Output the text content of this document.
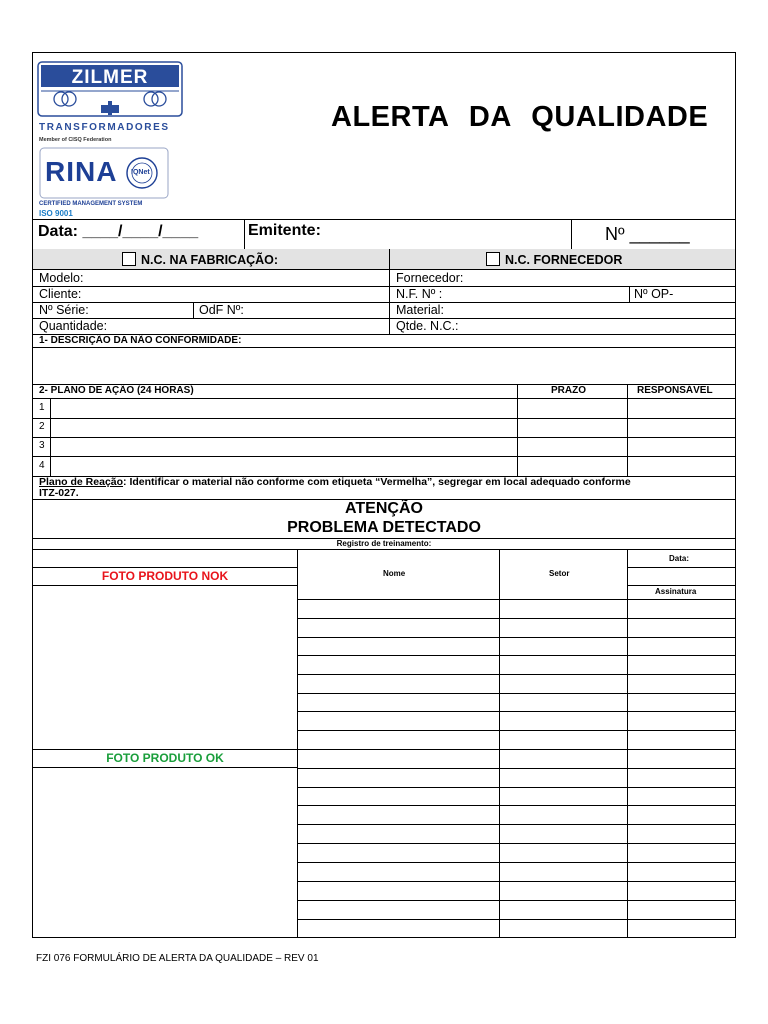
ZILMER
TRANSFORMADORES
Member of CISQ Federation
RINA IQNet
CERTIFIED MANAGEMENT SYSTEM
ISO 9001
ALERTA DA QUALIDADE
Data: ____/____/____	Emitente:	Nº ______
N.C. NA FABRICAÇÃO:	N.C. FORNECEDOR
Modelo:	Fornecedor:
Cliente:	N.F. Nº :	Nº OP-
Nº Série:	OdF Nº:	Material:
Quantidade:	Qtde. N.C.:
1- DESCRIÇÃO DA NÃO CONFORMIDADE:
2- PLANO DE AÇÃO (24 HORAS)	PRAZO	RESPONSÁVEL
1
2
3
4
Plano de Reação: Identificar o material não conforme com etiqueta “Vermelha”, segregar em local adequado conforme
ITZ-027.
ATENÇÃO
PROBLEMA DETECTADO
Registro de treinamento:
Nome	Setor
Data:
Assinatura
FOTO PRODUTO NOK
FOTO PRODUTO OK
FZI 076 FORMULÁRIO DE ALERTA DA QUALIDADE – REV 01
